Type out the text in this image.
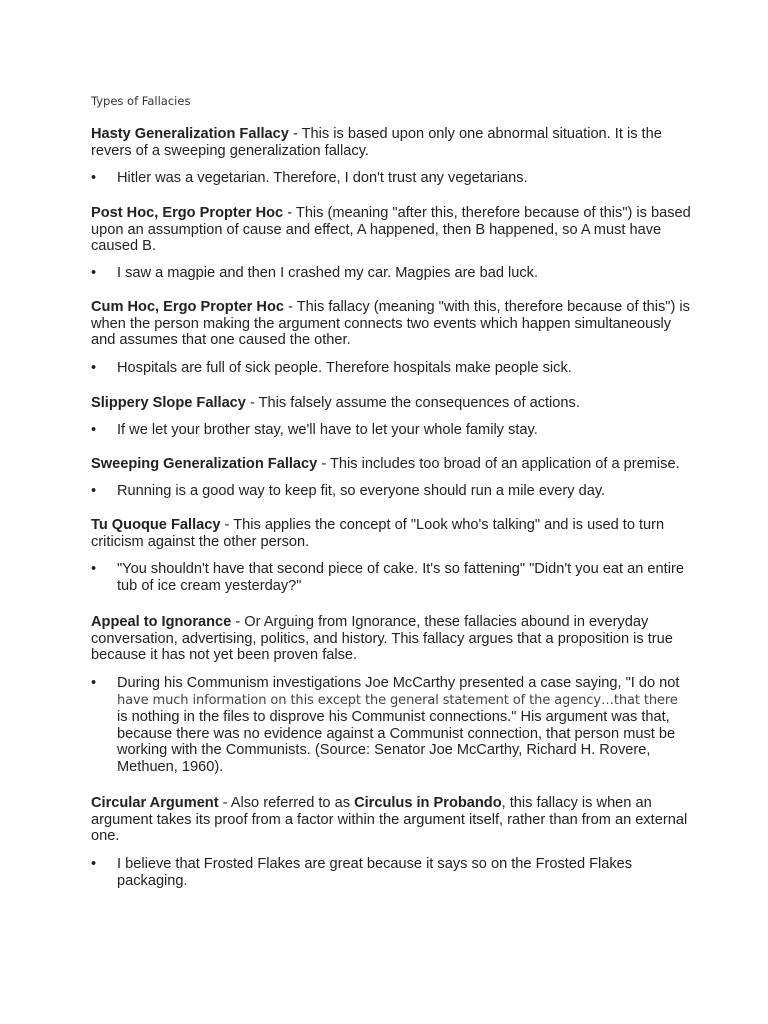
Types of Fallacies

Hasty Generalization Fallacy - This is based upon only one abnormal situation. It is the revers of a sweeping generalization fallacy.

•	Hitler was a vegetarian. Therefore, I don't trust any vegetarians.

Post Hoc, Ergo Propter Hoc - This (meaning "after this, therefore because of this") is based upon an assumption of cause and effect, A happened, then B happened, so A must have caused B.

•	I saw a magpie and then I crashed my car. Magpies are bad luck.

Cum Hoc, Ergo Propter Hoc - This fallacy (meaning "with this, therefore because of this") is when the person making the argument connects two events which happen simultaneously and assumes that one caused the other.

•	Hospitals are full of sick people. Therefore hospitals make people sick.

Slippery Slope Fallacy - This falsely assume the consequences of actions.

•	If we let your brother stay, we'll have to let your whole family stay.

Sweeping Generalization Fallacy - This includes too broad of an application of a premise.

•	Running is a good way to keep fit, so everyone should run a mile every day.

Tu Quoque Fallacy - This applies the concept of "Look who's talking" and is used to turn criticism against the other person.

•	"You shouldn't have that second piece of cake. It's so fattening" "Didn't you eat an entire tub of ice cream yesterday?"

Appeal to Ignorance - Or Arguing from Ignorance, these fallacies abound in everyday conversation, advertising, politics, and history. This fallacy argues that a proposition is true because it has not yet been proven false.

•	During his Communism investigations Joe McCarthy presented a case saying, "I do not
have much information on this except the general statement of the agency…that there
is nothing in the files to disprove his Communist connections." His argument was that, because there was no evidence against a Communist connection, that person must be working with the Communists. (Source: Senator Joe McCarthy, Richard H. Rovere, Methuen, 1960).

Circular Argument - Also referred to as Circulus in Probando, this fallacy is when an argument takes its proof from a factor within the argument itself, rather than from an external one.

•	I believe that Frosted Flakes are great because it says so on the Frosted Flakes packaging.
